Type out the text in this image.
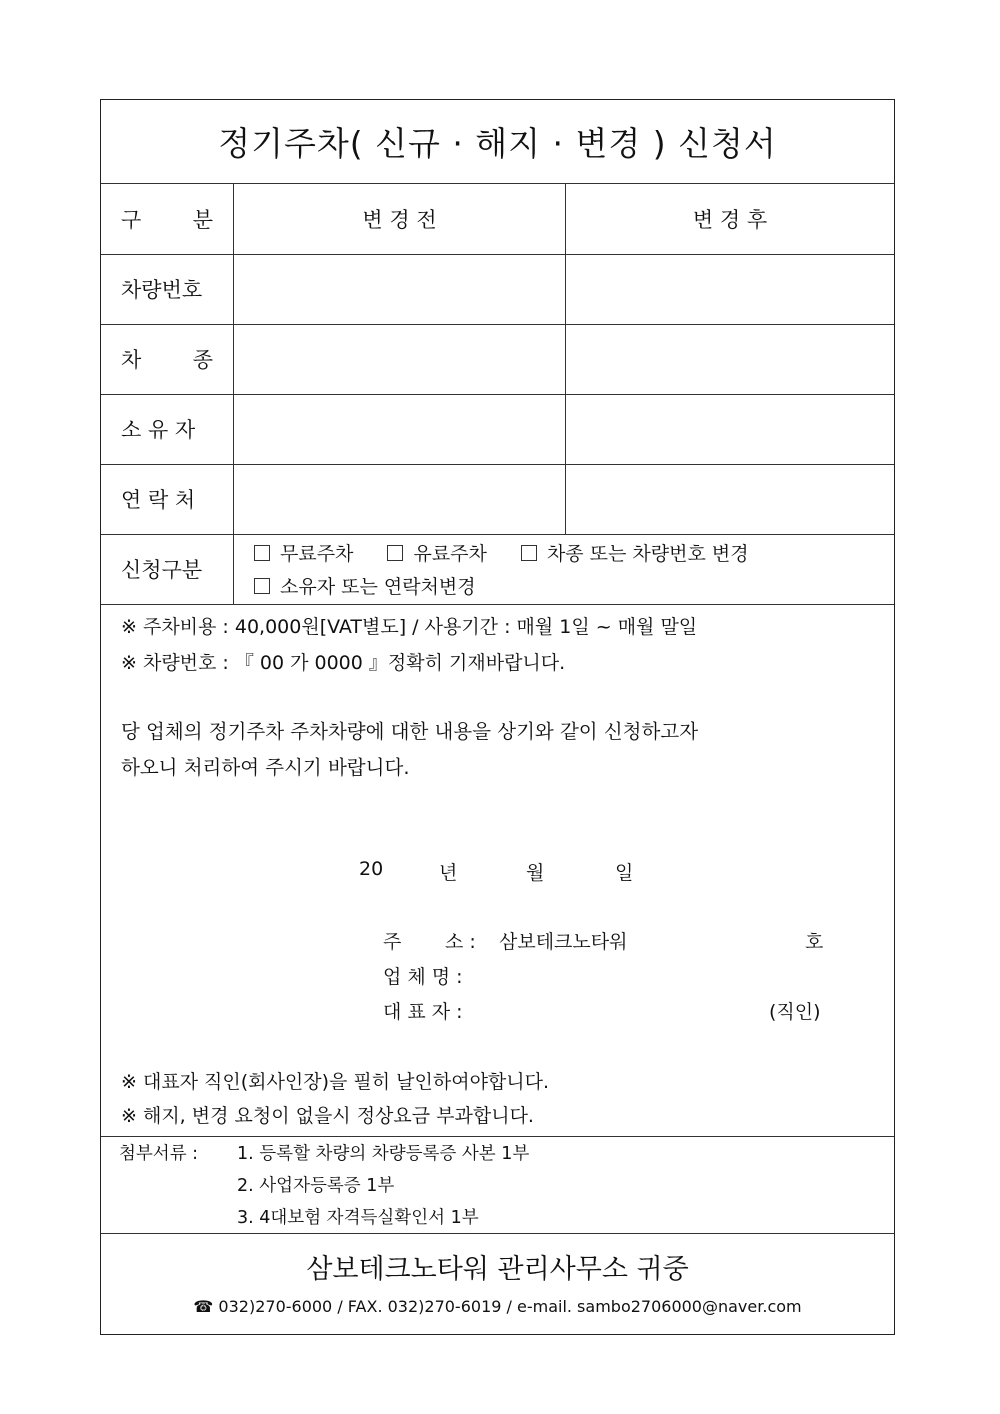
정기주차( 신규 · 해지 · 변경 ) 신청서
구 분	변 경 전	변 경 후
차량번호
차 종
소 유 자
연 락 처
신청구분
무료주차	유료주차	차종 또는 차량번호 변경
소유자 또는 연락처변경
※ 주차비용 : 40,000원[VAT별도] / 사용기간 : 매월 1일 ~ 매월 말일
※ 차량번호 : 『 00 가 0000 』정확히 기재바랍니다.
당 업체의 정기주차 주차차량에 대한 내용을 상기와 같이 신청하고자
하오니 처리하여 주시기 바랍니다.
20	년	월	일
주 소 : 삼보테크노타워	호
업 체 명 :
대 표 자 :	(직인)
※ 대표자 직인(회사인장)을 필히 날인하여야합니다.
※ 해지, 변경 요청이 없을시 정상요금 부과합니다.
첨부서류 : 1. 등록할 차량의 차량등록증 사본 1부
2. 사업자등록증 1부
3. 4대보험 자격득실확인서 1부
삼보테크노타워 관리사무소 귀중
☎ 032)270-6000 / FAX. 032)270-6019 / e-mail. sambo2706000@naver.com
